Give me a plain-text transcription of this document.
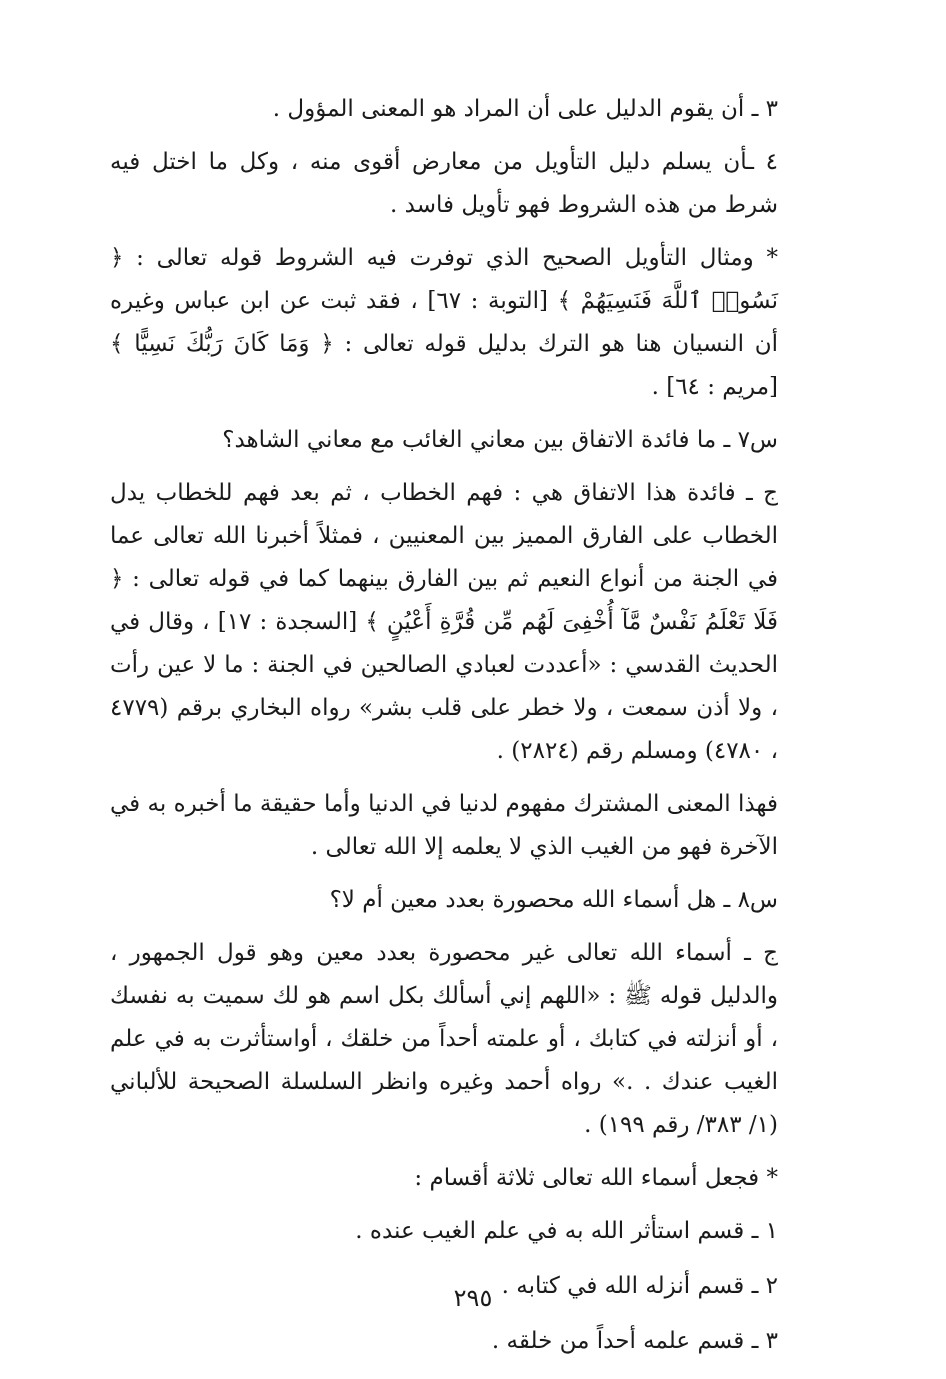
٣ ـ أن يقوم الدليل على أن المراد هو المعنى المؤول .

٤ ـأن يسلم دليل التأويل من معارض أقوى منه ، وكل ما اختل فيه شرط من هذه الشروط فهو تأويل فاسد .

* ومثال التأويل الصحيح الذي توفرت فيه الشروط قوله تعالى : ﴿ نَسُوا۟ ٱللَّهَ فَنَسِيَهُمْ ﴾ [التوبة : ٦٧] ، فقد ثبت عن ابن عباس وغيره أن النسيان هنا هو الترك بدليل قوله تعالى : ﴿ وَمَا كَانَ رَبُّكَ نَسِيًّا ﴾ [مريم : ٦٤] .

س٧ ـ ما فائدة الاتفاق بين معاني الغائب مع معاني الشاهد؟

ج ـ فائدة هذا الاتفاق هي : فهم الخطاب ، ثم بعد فهم للخطاب يدل الخطاب على الفارق المميز بين المعنيين ، فمثلاً أخبرنا الله تعالى عما في الجنة من أنواع النعيم ثم بين الفارق بينهما كما في قوله تعالى : ﴿ فَلَا تَعْلَمُ نَفْسٌ مَّآ أُخْفِىَ لَهُم مِّن قُرَّةِ أَعْيُنٍ ﴾ [السجدة : ١٧] ، وقال في الحديث القدسي : «أعددت لعبادي الصالحين في الجنة : ما لا عين رأت ، ولا أذن سمعت ، ولا خطر على قلب بشر» رواه البخاري برقم (٤٧٧٩ ، ٤٧٨٠) ومسلم رقم (٢٨٢٤) .

فهذا المعنى المشترك مفهوم لدنيا في الدنيا وأما حقيقة ما أخبره به في الآخرة فهو من الغيب الذي لا يعلمه إلا الله تعالى .

س٨ ـ هل أسماء الله محصورة بعدد معين أم لا؟

ج ـ أسماء الله تعالى غير محصورة بعدد معين وهو قول الجمهور ، والدليل قوله ﷺ : «اللهم إني أسألك بكل اسم هو لك سميت به نفسك ، أو أنزلته في كتابك ، أو علمته أحداً من خلقك ، أواستأثرت به في علم الغيب عندك . .» رواه أحمد وغيره وانظر السلسلة الصحيحة للألباني (١/ ٣٨٣/ رقم ١٩٩) .

* فجعل أسماء الله تعالى ثلاثة أقسام :

١ ـ قسم استأثر الله به في علم الغيب عنده .

٢ ـ قسم أنزله الله في كتابه .

٣ ـ قسم علمه أحداً من خلقه .

٢٩٥
